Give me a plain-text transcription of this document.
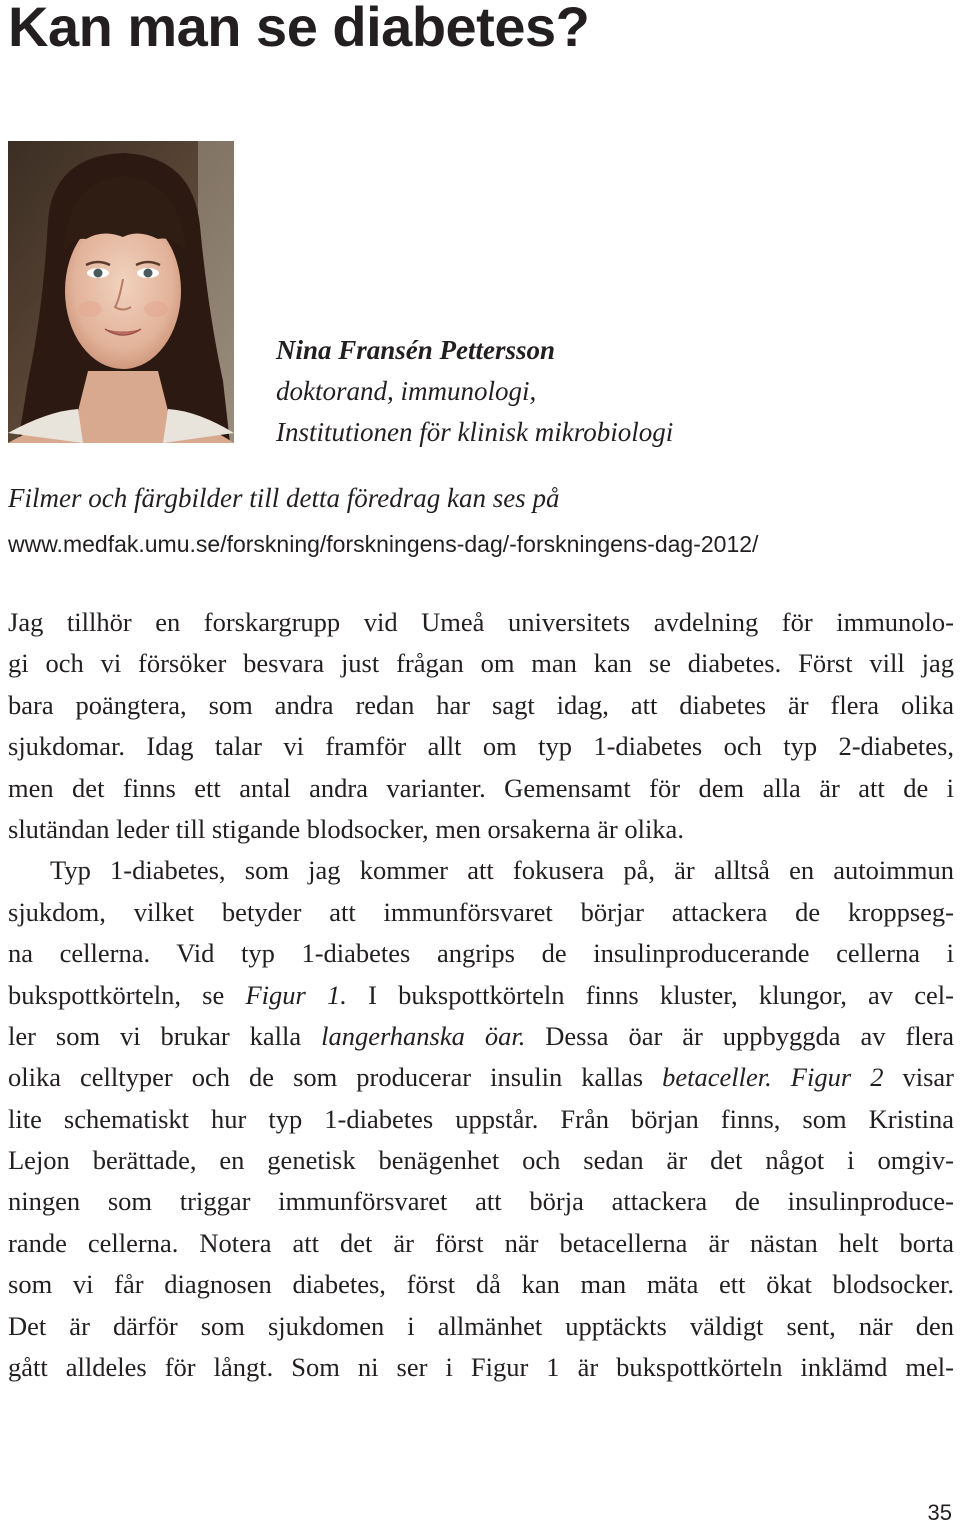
Kan man se diabetes?
Nina Fransén Pettersson
doktorand, immunologi,
Institutionen för klinisk mikrobiologi
Filmer och färgbilder till detta föredrag kan ses på
www.medfak.umu.se/forskning/forskningens-dag/-forskningens-dag-2012/
Jag tillhör en forskargrupp vid Umeå universitets avdelning för immunolo-
gi och vi försöker besvara just frågan om man kan se diabetes. Först vill jag
bara poängtera, som andra redan har sagt idag, att diabetes är flera olika
sjukdomar. Idag talar vi framför allt om typ 1-diabetes och typ 2-diabetes,
men det finns ett antal andra varianter. Gemensamt för dem alla är att de i
slutändan leder till stigande blodsocker, men orsakerna är olika.
Typ 1-diabetes, som jag kommer att fokusera på, är alltså en autoimmun
sjukdom, vilket betyder att immunförsvaret börjar attackera de kroppseg-
na cellerna. Vid typ 1-diabetes angrips de insulinproducerande cellerna i
bukspottkörteln, se Figur 1. I bukspottkörteln finns kluster, klungor, av cel-
ler som vi brukar kalla langerhanska öar. Dessa öar är uppbyggda av flera
olika celltyper och de som producerar insulin kallas betaceller. Figur 2 visar
lite schematiskt hur typ 1-diabetes uppstår. Från början finns, som Kristina
Lejon berättade, en genetisk benägenhet och sedan är det något i omgiv-
ningen som triggar immunförsvaret att börja attackera de insulinproduce-
rande cellerna. Notera att det är först när betacellerna är nästan helt borta
som vi får diagnosen diabetes, först då kan man mäta ett ökat blodsocker.
Det är därför som sjukdomen i allmänhet upptäckts väldigt sent, när den
gått alldeles för långt. Som ni ser i Figur 1 är bukspottkörteln inklämd mel-
35
